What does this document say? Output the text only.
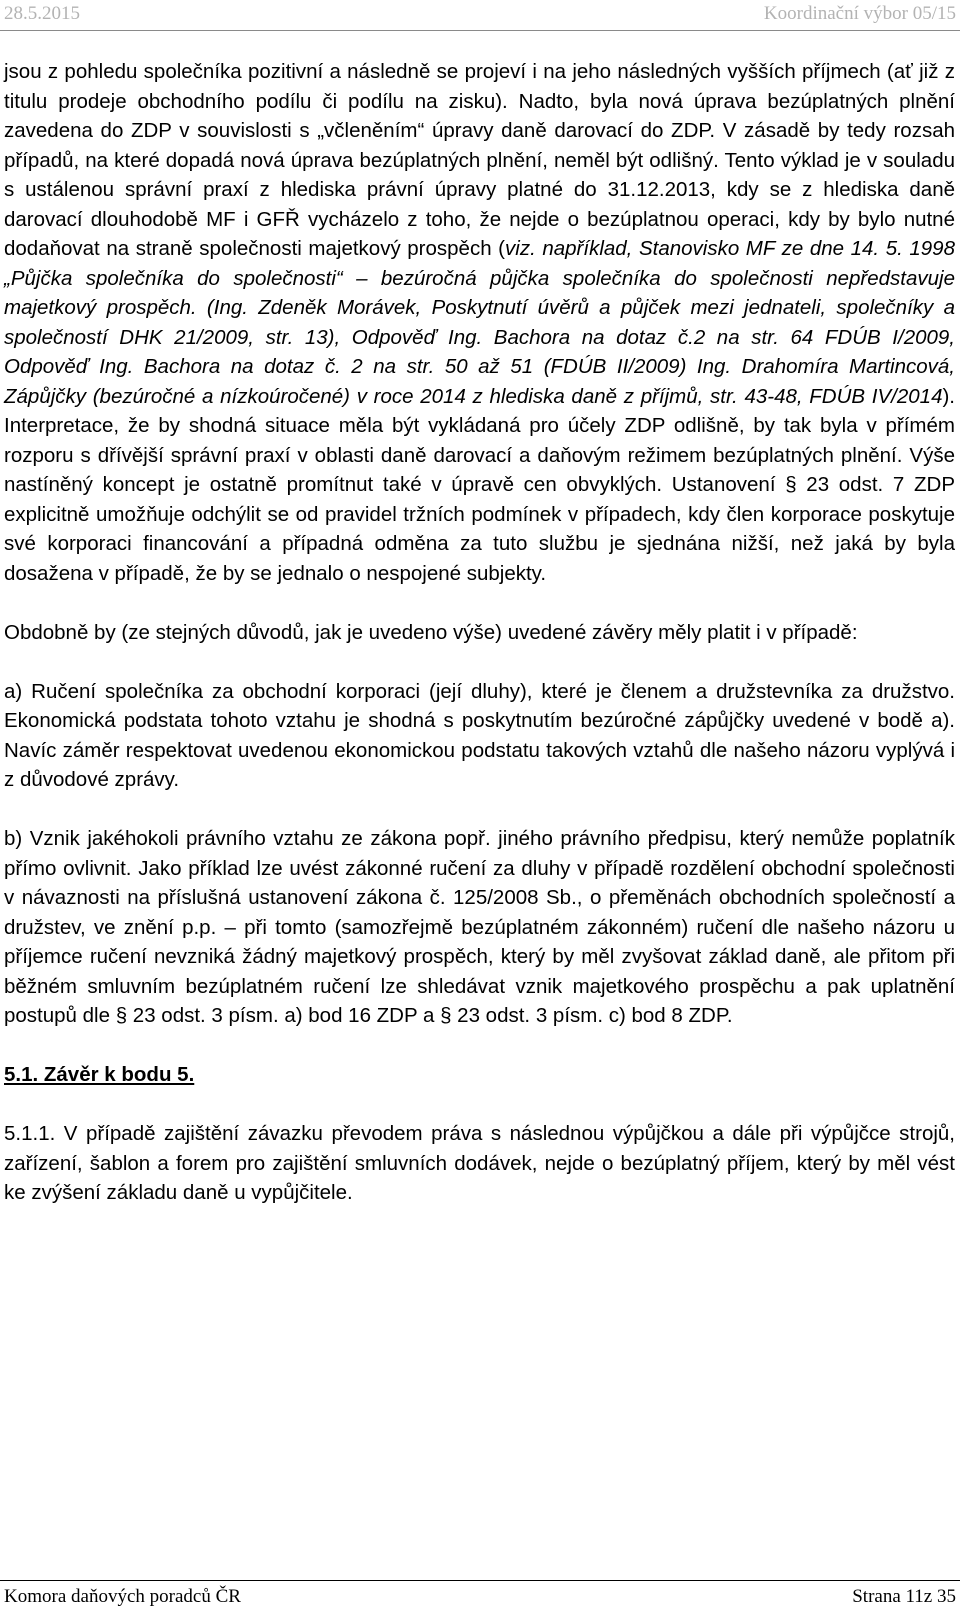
28.5.2015	Koordinační výbor 05/15

jsou z pohledu společníka pozitivní a následně se projeví i na jeho následných vyšších příjmech (ať již z titulu prodeje obchodního podílu či podílu na zisku). Nadto, byla nová úprava bezúplatných plnění zavedena do ZDP v souvislosti s „včleněním“ úpravy daně darovací do ZDP. V zásadě by tedy rozsah případů, na které dopadá nová úprava bezúplatných plnění, neměl být odlišný. Tento výklad je v souladu s ustálenou správní praxí z hlediska právní úpravy platné do 31.12.2013, kdy se z hlediska daně darovací dlouhodobě MF i GFŘ vycházelo z toho, že nejde o bezúplatnou operaci, kdy by bylo nutné dodaňovat na straně společnosti majetkový prospěch (viz. například, Stanovisko MF ze dne 14. 5. 1998 „Půjčka společníka do společnosti“ – bezúročná půjčka společníka do společnosti nepředstavuje majetkový prospěch. (Ing. Zdeněk Morávek, Poskytnutí úvěrů a půjček mezi jednateli, společníky a společností DHK 21/2009, str. 13), Odpověď Ing. Bachora na dotaz č.2 na str. 64 FDÚB I/2009, Odpověď Ing. Bachora na dotaz č. 2 na str. 50 až 51 (FDÚB II/2009) Ing. Drahomíra Martincová, Zápůjčky (bezúročné a nízkoúročené) v roce 2014 z hlediska daně z příjmů, str. 43-48, FDÚB IV/2014). Interpretace, že by shodná situace měla být vykládaná pro účely ZDP odlišně, by tak byla v přímém rozporu s dřívější správní praxí v oblasti daně darovací a daňovým režimem bezúplatných plnění. Výše nastíněný koncept je ostatně promítnut také v úpravě cen obvyklých. Ustanovení § 23 odst. 7 ZDP explicitně umožňuje odchýlit se od pravidel tržních podmínek v případech, kdy člen korporace poskytuje své korporaci financování a případná odměna za tuto službu je sjednána nižší, než jaká by byla dosažena v případě, že by se jednalo o nespojené subjekty.

Obdobně by (ze stejných důvodů, jak je uvedeno výše) uvedené závěry měly platit i v případě:

a) Ručení společníka za obchodní korporaci (její dluhy), které je členem a družstevníka za družstvo. Ekonomická podstata tohoto vztahu je shodná s poskytnutím bezúročné zápůjčky uvedené v bodě a). Navíc záměr respektovat uvedenou ekonomickou podstatu takových vztahů dle našeho názoru vyplývá i z důvodové zprávy.

b) Vznik jakéhokoli právního vztahu ze zákona popř. jiného právního předpisu, který nemůže poplatník přímo ovlivnit. Jako příklad lze uvést zákonné ručení za dluhy v případě rozdělení obchodní společnosti v návaznosti na příslušná ustanovení zákona č. 125/2008 Sb., o přeměnách obchodních společností a družstev, ve znění p.p. – při tomto (samozřejmě bezúplatném zákonném) ručení dle našeho názoru u příjemce ručení nevzniká žádný majetkový prospěch, který by měl zvyšovat základ daně, ale přitom při běžném smluvním bezúplatném ručení lze shledávat vznik majetkového prospěchu a pak uplatnění postupů dle § 23 odst. 3 písm. a) bod 16 ZDP a § 23 odst. 3 písm. c) bod 8 ZDP.

5.1. Závěr k bodu 5.

5.1.1. V případě zajištění závazku převodem práva s následnou výpůjčkou a dále při výpůjčce strojů, zařízení, šablon a forem pro zajištění smluvních dodávek, nejde o bezúplatný příjem, který by měl vést ke zvýšení základu daně u vypůjčitele.

Komora daňových poradců ČR	Strana 11z 35
